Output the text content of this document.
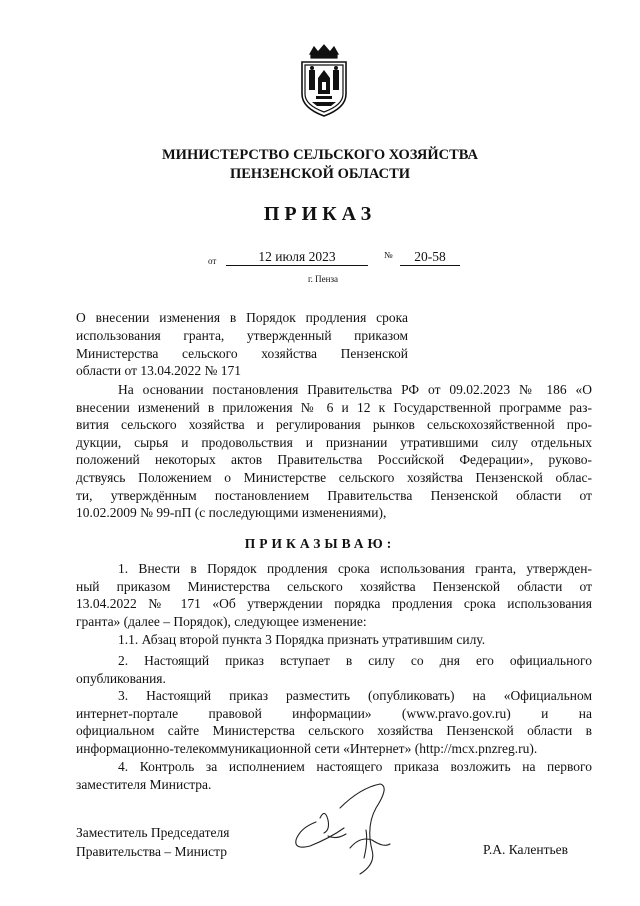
МИНИСТЕРСТВО СЕЛЬСКОГО ХОЗЯЙСТВА
ПЕНЗЕНСКОЙ ОБЛАСТИ
ПРИКАЗ
от	12 июля 2023	№	20-58
г. Пенза
О внесении изменения в Порядок продления срока
использования гранта, утвержденный приказом
Министерства сельского хозяйства Пензенской
области от 13.04.2022 № 171
На основании постановления Правительства РФ от 09.02.2023 № 186 «О
внесении изменений в приложения № 6 и 12 к Государственной программе раз-
вития сельского хозяйства и регулирования рынков сельскохозяйственной про-
дукции, сырья и продовольствия и признании утратившими силу отдельных
положений некоторых актов Правительства Российской Федерации», руково-
дствуясь Положением о Министерстве сельского хозяйства Пензенской облас-
ти, утверждённым постановлением Правительства Пензенской области от
10.02.2009 № 99-пП (с последующими изменениями),
ПРИКАЗЫВАЮ:
1. Внести в Порядок продления срока использования гранта, утвержден-
ный приказом Министерства сельского хозяйства Пензенской области от
13.04.2022 № 171 «Об утверждении порядка продления срока использования
гранта» (далее – Порядок), следующее изменение:
1.1. Абзац второй пункта 3 Порядка признать утратившим силу.
2. Настоящий приказ вступает в силу со дня его официального
опубликования.
3. Настоящий приказ разместить (опубликовать) на «Официальном
интернет-портале правовой информации» (www.pravo.gov.ru) и на
официальном сайте Министерства сельского хозяйства Пензенской области в
информационно-телекоммуникационной сети «Интернет» (http://mcx.pnzreg.ru).
4. Контроль за исполнением настоящего приказа возложить на первого
заместителя Министра.
Заместитель Председателя
Правительства – Министр	Р.А. Калентьев
